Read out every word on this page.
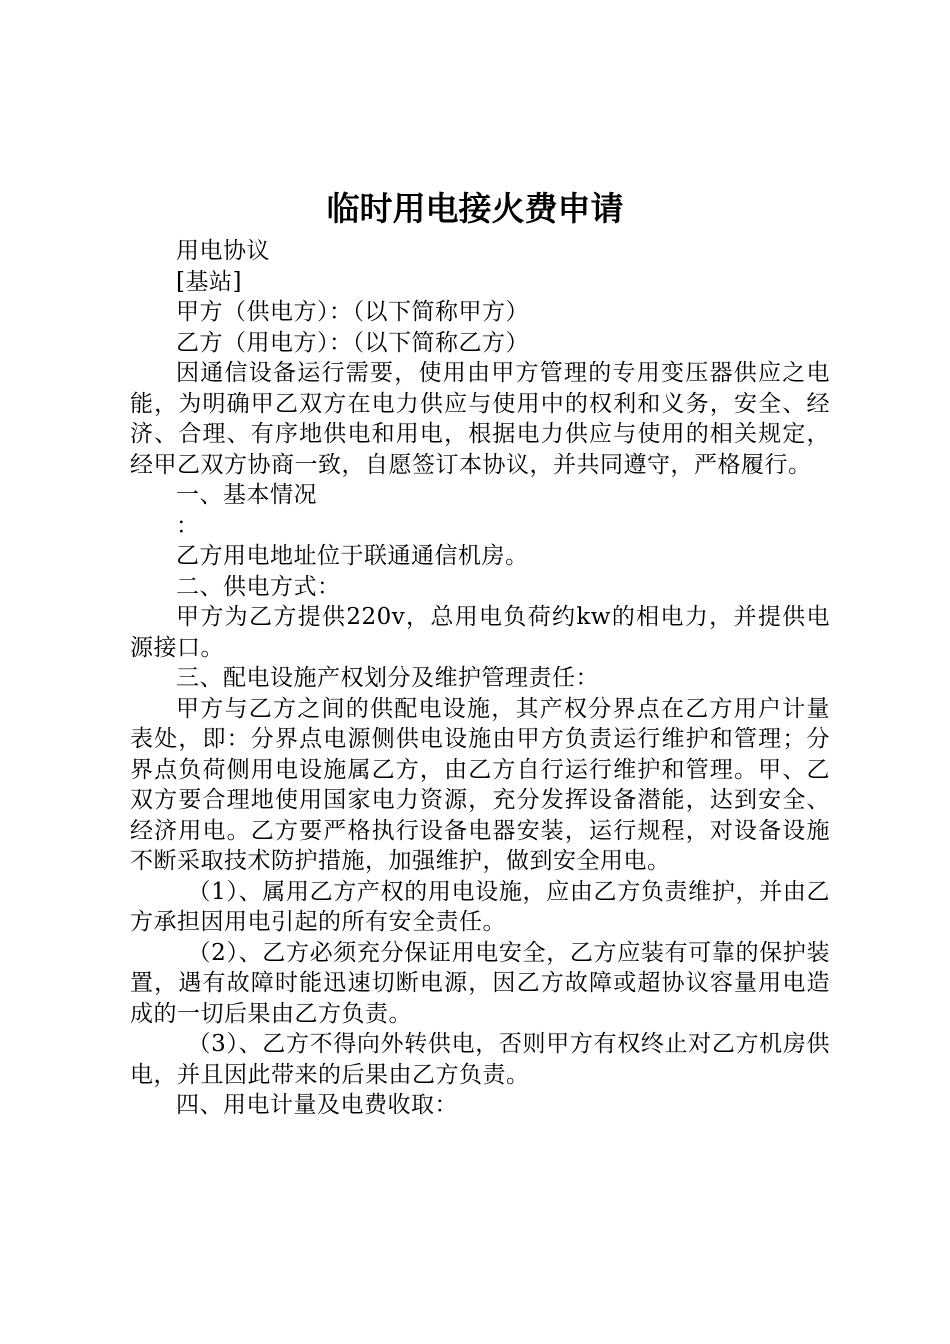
临时用电接火费申请

用电协议

[基站]

甲方（供电方）：（以下简称甲方）

乙方（用电方）：（以下简称乙方）

因通信设备运行需要，使用由甲方管理的专用变压器供应之电能，为明确甲乙双方在电力供应与使用中的权利和义务，安全、经济、合理、有序地供电和用电，根据电力供应与使用的相关规定，经甲乙双方协商一致，自愿签订本协议，并共同遵守，严格履行。

一、基本情况

：

乙方用电地址位于联通通信机房。

二、供电方式：

甲方为乙方提供220v，总用电负荷约kw的相电力，并提供电源接口。

三、配电设施产权划分及维护管理责任：

甲方与乙方之间的供配电设施，其产权分界点在乙方用户计量表处，即：分界点电源侧供电设施由甲方负责运行维护和管理；分界点负荷侧用电设施属乙方，由乙方自行运行维护和管理。甲、乙双方要合理地使用国家电力资源，充分发挥设备潜能，达到安全、经济用电。乙方要严格执行设备电器安装，运行规程，对设备设施不断采取技术防护措施，加强维护，做到安全用电。

（1）、属用乙方产权的用电设施，应由乙方负责维护，并由乙方承担因用电引起的所有安全责任。

（2）、乙方必须充分保证用电安全，乙方应装有可靠的保护装置，遇有故障时能迅速切断电源，因乙方故障或超协议容量用电造成的一切后果由乙方负责。

（3）、乙方不得向外转供电，否则甲方有权终止对乙方机房供电，并且因此带来的后果由乙方负责。

四、用电计量及电费收取：
